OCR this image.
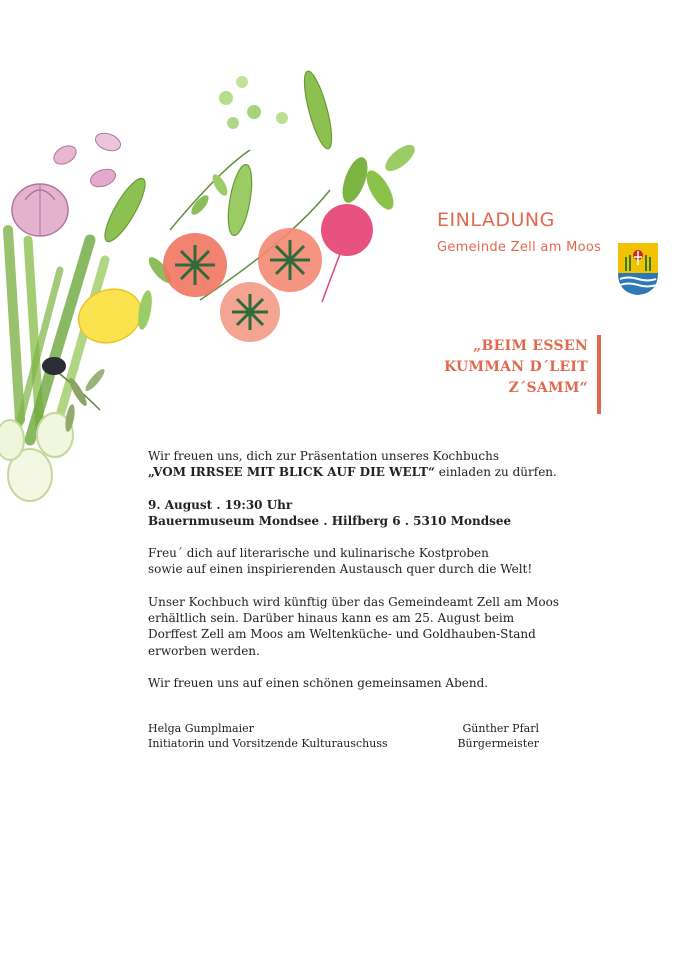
EINLADUNG
Gemeinde Zell am Moos
„BEIM ESSEN
KUMMAN D´LEIT
Z´SAMM“

Wir freuen uns, dich zur Präsentation unseres Kochbuchs
„VOM IRRSEE MIT BLICK AUF DIE WELT“ einladen zu dürfen.

9. August . 19:30 Uhr
Bauernmuseum Mondsee . Hilfberg 6 . 5310 Mondsee

Freu´ dich auf literarische und kulinarische Kostproben
sowie auf einen inspirierenden Austausch quer durch die Welt!

Unser Kochbuch wird künftig über das Gemeindeamt Zell am Moos
erhältlich sein. Darüber hinaus kann es am 25. August beim
Dorffest Zell am Moos am Weltenküche- und Goldhauben-Stand
erworben werden.

Wir freuen uns auf einen schönen gemeinsamen Abend.

Helga Gumplmaier
Initiatorin und Vorsitzende Kulturauschuss
Günther Pfarl
Bürgermeister
